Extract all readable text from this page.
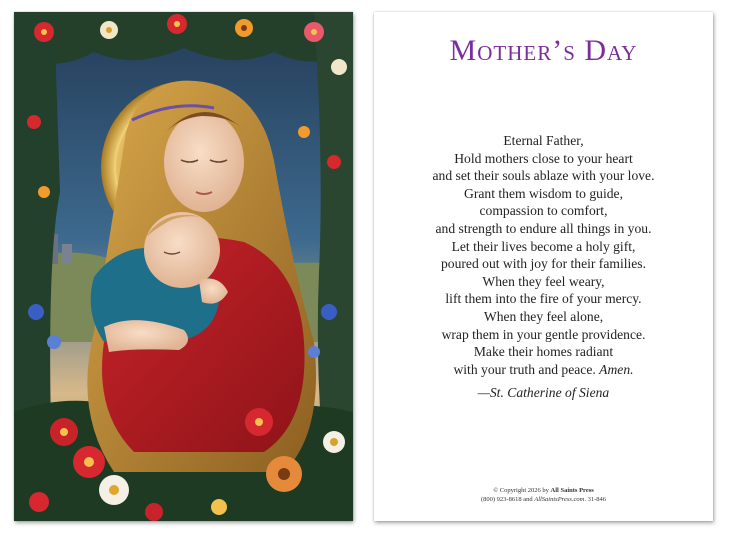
Mother’s Day
Eternal Father,
Hold mothers close to your heart
and set their souls ablaze with your love.
Grant them wisdom to guide,
compassion to comfort,
and strength to endure all things in you.
Let their lives become a holy gift,
poured out with joy for their families.
When they feel weary,
lift them into the fire of your mercy.
When they feel alone,
wrap them in your gentle providence.
Make their homes radiant
with your truth and peace. Amen.
—St. Catherine of Siena
© Copyright 2026 by All Saints Press
(800) 923-8618 and AllSaintsPress.com. 31-846
